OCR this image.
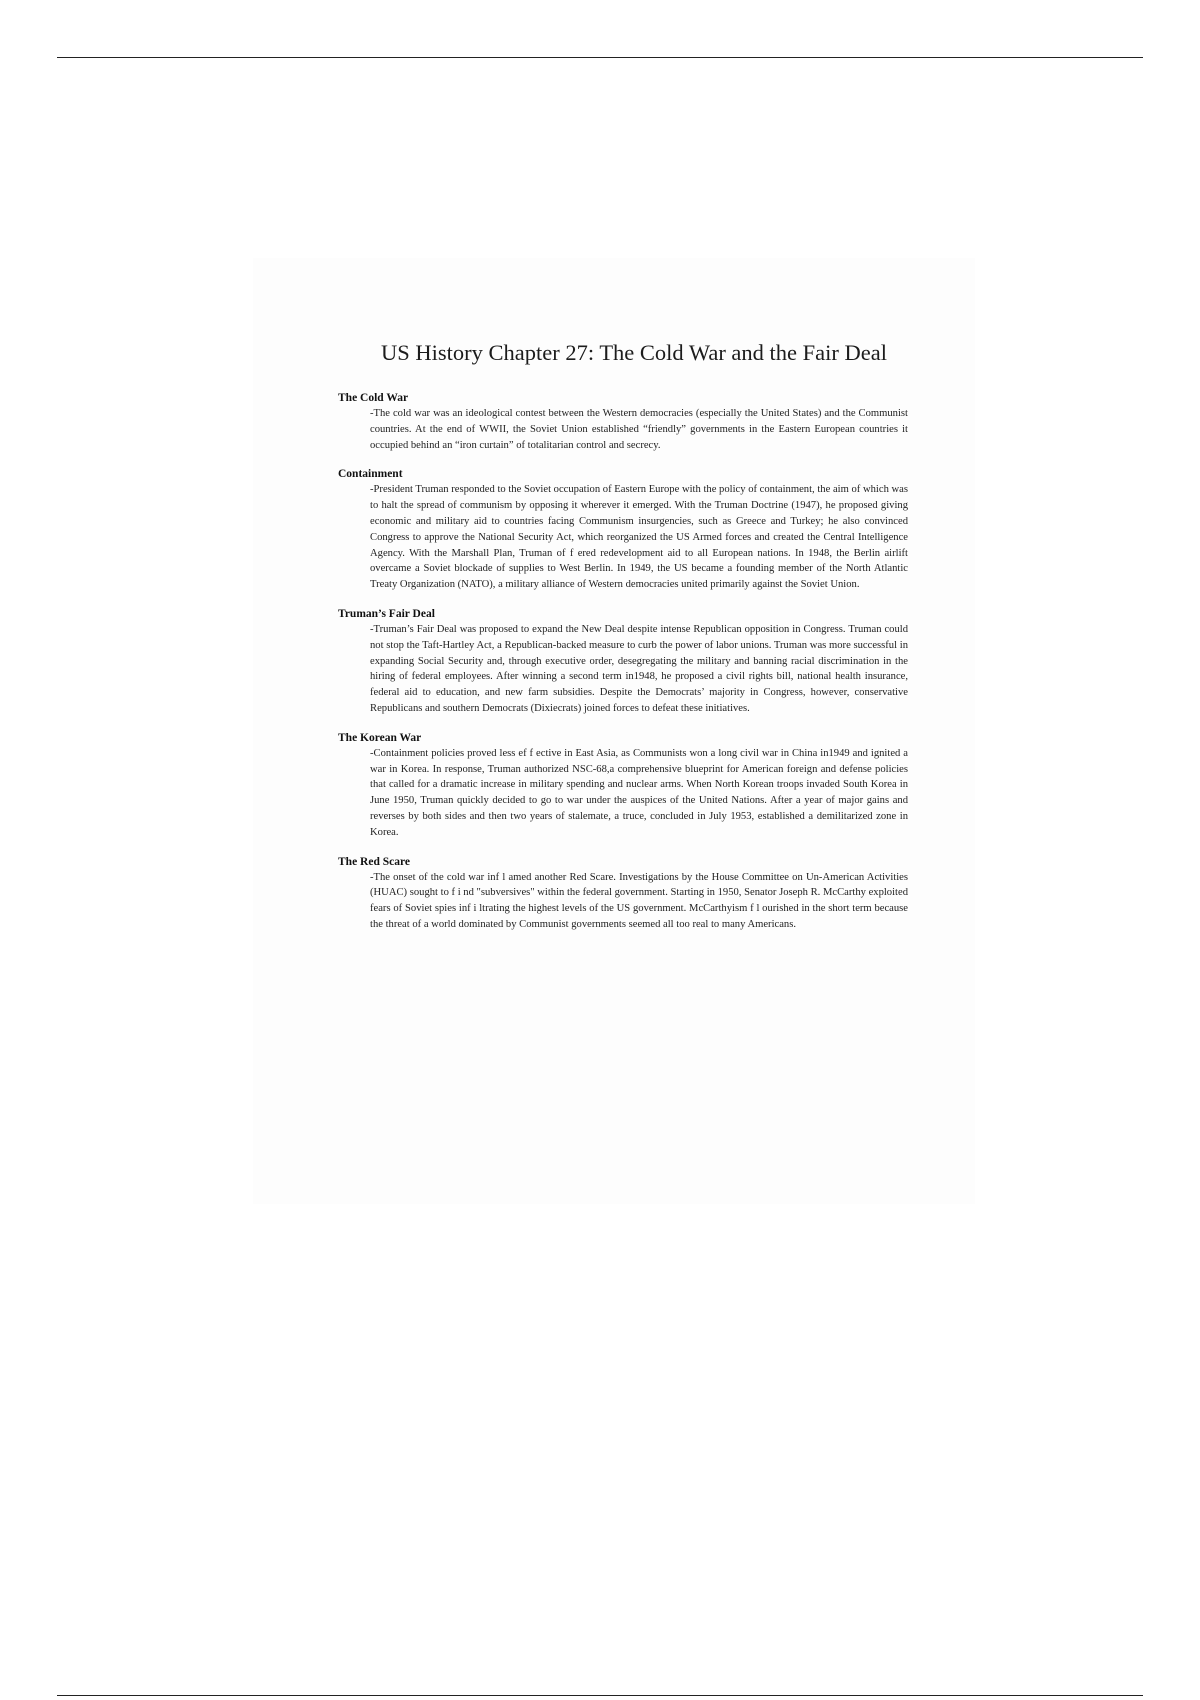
US History Chapter 27: The Cold War and the Fair Deal

The Cold War

-The cold war was an ideological contest between the Western democracies (especially the United States) and the Communist countries. At the end of WWII, the Soviet Union established “friendly” governments in the Eastern European countries it occupied behind an “iron curtain” of totalitarian control and secrecy.

Containment

-President Truman responded to the Soviet occupation of Eastern Europe with the policy of containment, the aim of which was to halt the spread of communism by opposing it wherever it emerged. With the Truman Doctrine (1947), he proposed giving economic and military aid to countries facing Communism insurgencies, such as Greece and Turkey; he also convinced Congress to approve the National Security Act, which reorganized the US Armed forces and created the Central Intelligence Agency. With the Marshall Plan, Truman of f ered redevelopment aid to all European nations. In 1948, the Berlin airlift overcame a Soviet blockade of supplies to West Berlin. In 1949, the US became a founding member of the North Atlantic Treaty Organization (NATO), a military alliance of Western democracies united primarily against the Soviet Union.

Truman’s Fair Deal

-Truman’s Fair Deal was proposed to expand the New Deal despite intense Republican opposition in Congress. Truman could not stop the Taft-Hartley Act, a Republican-backed measure to curb the power of labor unions. Truman was more successful in expanding Social Security and, through executive order, desegregating the military and banning racial discrimination in the hiring of federal employees. After winning a second term in1948, he proposed a civil rights bill, national health insurance, federal aid to education, and new farm subsidies. Despite the Democrats’ majority in Congress, however, conservative Republicans and southern Democrats (Dixiecrats) joined forces to defeat these initiatives.

The Korean War

-Containment policies proved less ef f ective in East Asia, as Communists won a long civil war in China in1949 and ignited a war in Korea. In response, Truman authorized NSC-68,a comprehensive blueprint for American foreign and defense policies that called for a dramatic increase in military spending and nuclear arms. When North Korean troops invaded South Korea in June 1950, Truman quickly decided to go to war under the auspices of the United Nations. After a year of major gains and reverses by both sides and then two years of stalemate, a truce, concluded in July 1953, established a demilitarized zone in Korea.

The Red Scare

-The onset of the cold war inf l amed another Red Scare. Investigations by the House Committee on Un-American Activities (HUAC) sought to f i nd "subversives" within the federal government. Starting in 1950, Senator Joseph R. McCarthy exploited fears of Soviet spies inf i ltrating the highest levels of the US government. McCarthyism f l ourished in the short term because the threat of a world dominated by Communist governments seemed all too real to many Americans.
